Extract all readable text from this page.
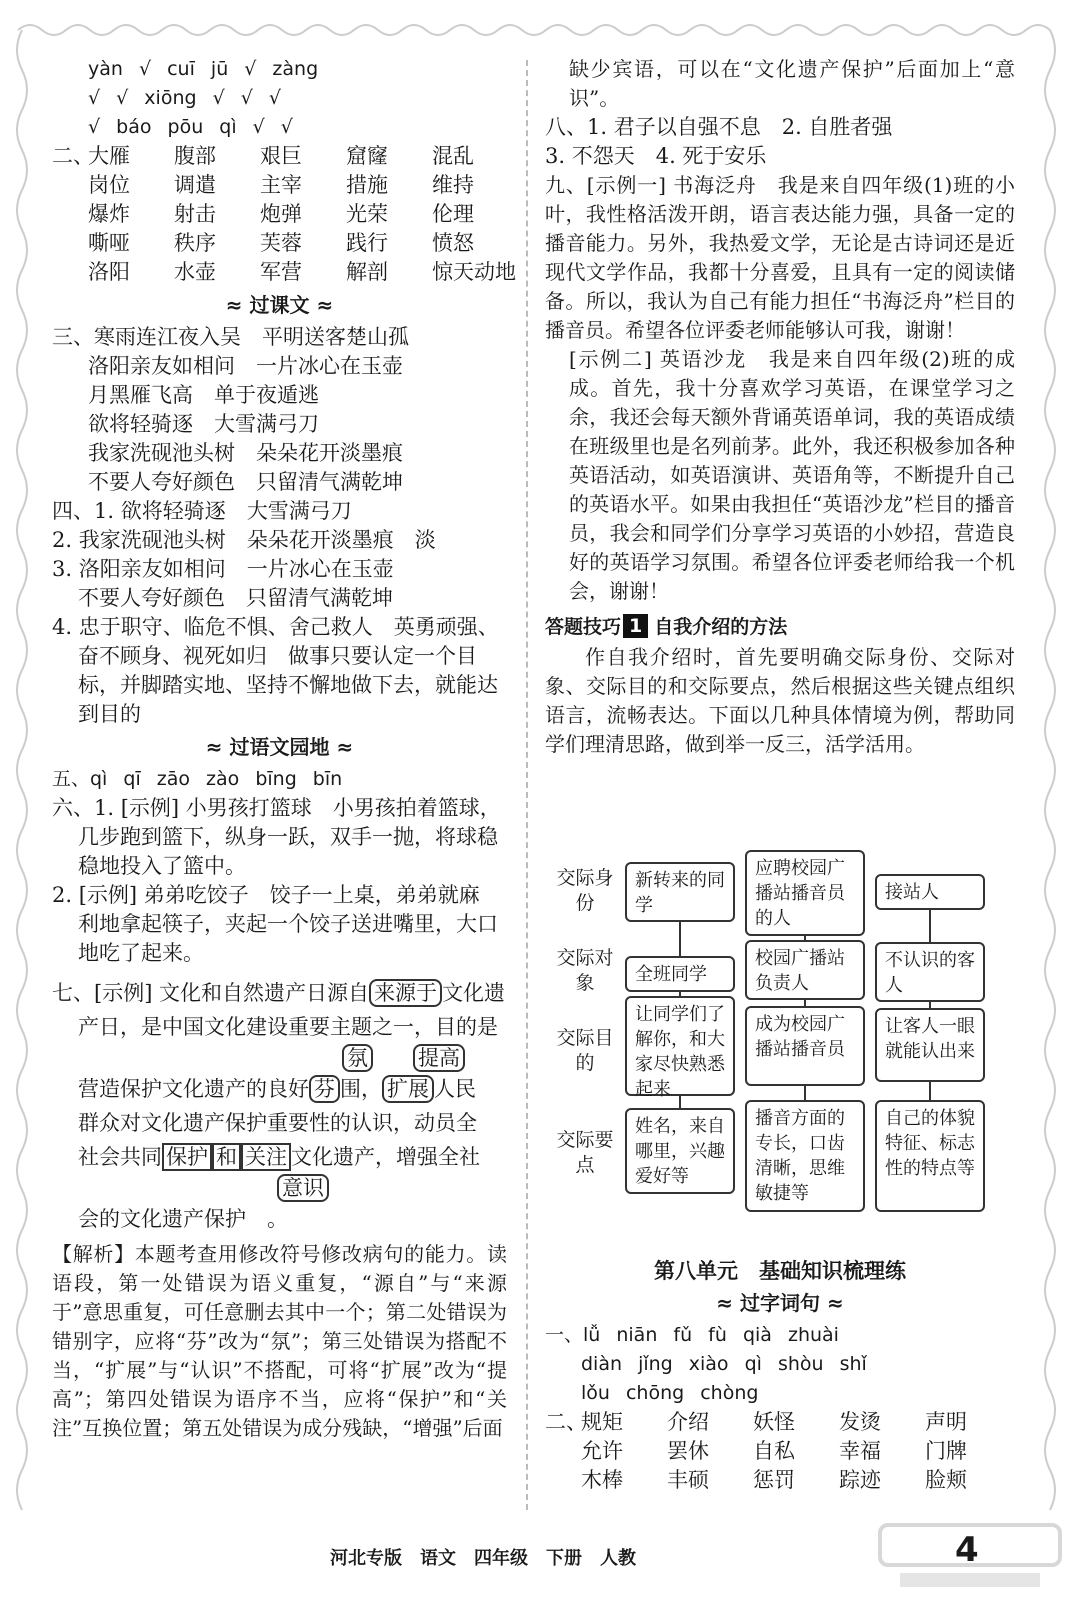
yàn √ cuī jū √ zàng

√ √ xiōng √ √ √

√ báo pōu qì √ √

二、大雁 腹部 艰巨 窟窿 混乱

岗位 调遣 主宰 措施 维持

爆炸 射击 炮弹 光荣 伦理

嘶哑 秩序 芙蓉 践行 愤怒

洛阳 水壶 军营 解剖 惊天动地

≈ 过课文 ≈

三、寒雨连江夜入吴　平明送客楚山孤

洛阳亲友如相问　一片冰心在玉壶

月黑雁飞高　单于夜遁逃

欲将轻骑逐　大雪满弓刀

我家洗砚池头树　朵朵花开淡墨痕

不要人夸好颜色　只留清气满乾坤

四、1. 欲将轻骑逐　大雪满弓刀

2. 我家洗砚池头树　朵朵花开淡墨痕　淡

3. 洛阳亲友如相问　一片冰心在玉壶

不要人夸好颜色　只留清气满乾坤

4. 忠于职守、临危不惧、舍己救人　英勇顽强、

奋不顾身、视死如归　做事只要认定一个目

标，并脚踏实地、坚持不懈地做下去，就能达

到目的

≈ 过语文园地 ≈

五、qì qī zāo zào bīng bīn

六、1. [示例] 小男孩打篮球　小男孩拍着篮球，

几步跑到篮下，纵身一跃，双手一抛，将球稳

稳地投入了篮中。

2. [示例] 弟弟吃饺子　饺子一上桌，弟弟就麻

利地拿起筷子，夹起一个饺子送进嘴里，大口

地吃了起来。

七、[示例] 文化和自然遗产日源自 来源于 文化遗

产日，是中国文化建设重要主题之一，目的是

氛 提高

营造保护文化遗产的良好 芬 围， 扩展 人民

群众对文化遗产保护重要性的认识，动员全

社会共同 保护 和 关注 文化遗产，增强全社

意识

会的文化遗产保护　。

【解析】本题考查用修改符号修改病句的能力。读语段，第一处错误为语义重复，“源自”与“来源于”意思重复，可任意删去其中一个；第二处错误为错别字，应将“芬”改为“氛”；第三处错误为搭配不当，“扩展”与“认识”不搭配，可将“扩展”改为“提高”；第四处错误为语序不当，应将“保护”和“关注”互换位置；第五处错误为成分残缺，“增强”后面

缺少宾语，可以在“文化遗产保护”后面加上“意识”。

八、1. 君子以自强不息　2. 自胜者强

3. 不怨天　4. 死于安乐

九、[示例一] 书海泛舟　我是来自四年级(1)班的小叶，我性格活泼开朗，语言表达能力强，具备一定的播音能力。另外，我热爱文学，无论是古诗词还是近现代文学作品，我都十分喜爱，且具有一定的阅读储备。所以，我认为自己有能力担任“书海泛舟”栏目的播音员。希望各位评委老师能够认可我，谢谢！

[示例二] 英语沙龙　我是来自四年级(2)班的成成。首先，我十分喜欢学习英语，在课堂学习之余，我还会每天额外背诵英语单词，我的英语成绩在班级里也是名列前茅。此外，我还积极参加各种英语活动，如英语演讲、英语角等，不断提升自己的英语水平。如果由我担任“英语沙龙”栏目的播音员，我会和同学们分享学习英语的小妙招，营造良好的英语学习氛围。希望各位评委老师给我一个机会，谢谢！

答题技巧 1 自我介绍的方法

作自我介绍时，首先要明确交际身份、交际对象、交际目的和交际要点，然后根据这些关键点组织语言，流畅表达。下面以几种具体情境为例，帮助同学们理清思路，做到举一反三，活学活用。

交际身份
交际对象
交际目的
交际要点
新转来的同学
全班同学
让同学们了解你，和大家尽快熟悉起来
姓名，来自哪里，兴趣爱好等
应聘校园广播站播音员的人
校园广播站负责人
成为校园广播站播音员
播音方面的专长，口齿清晰，思维敏捷等
接站人
不认识的客人
让客人一眼就能认出来
自己的体貌特征、标志性的特点等
第八单元　基础知识梳理练
≈ 过字词句 ≈

一、lǚ niān fǔ fù qià zhuài

diàn jǐng xiào qì shòu shǐ

lǒu chōng chòng

二、规矩 介绍 妖怪 发烫 声明

允许 罢休 自私 幸福 门牌

木棒 丰硕 惩罚 踪迹 脸颊

河北专版　语文　四年级　下册　人教	4
